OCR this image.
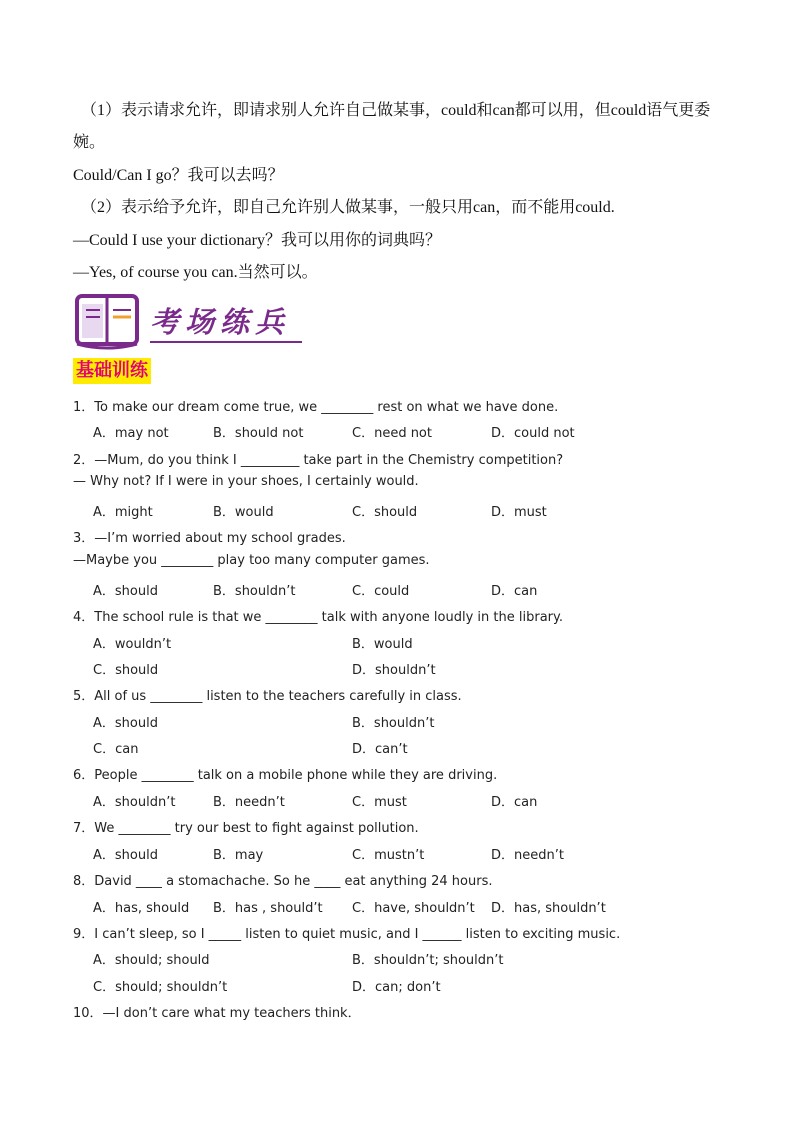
（1）表示请求允许，即请求别人允许自己做某事，could和can都可以用，但could语气更委
婉。
Could/Can I go？我可以去吗？
（2）表示给予允许，即自己允许别人做某事，一般只用can，而不能用could.
—Could I use your dictionary？我可以用你的词典吗？
—Yes, of course you can.当然可以。
考场练兵
基础训练
1．To make our dream come true, we ________ rest on what we have done.
A．may not	B．should not	C．need not	D．could not
2．—Mum, do you think I _________ take part in the Chemistry competition?
— Why not? If I were in your shoes, I certainly would.
A．might	B．would	C．should	D．must
3．—I’m worried about my school grades.
—Maybe you ________ play too many computer games.
A．should	B．shouldn’t	C．could	D．can
4．The school rule is that we ________ talk with anyone loudly in the library.
A．wouldn’t	B．would
C．should	D．shouldn’t
5．All of us ________ listen to the teachers carefully in class.
A．should	B．shouldn’t
C．can	D．can’t
6．People ________ talk on a mobile phone while they are driving.
A．shouldn’t	B．needn’t	C．must	D．can
7．We ________ try our best to fight against pollution.
A．should	B．may	C．mustn’t	D．needn’t
8．David ____ a stomachache. So he ____ eat anything 24 hours.
A．has, should B．has , should’t C．have, shouldn’t D．has, shouldn’t
9．I can’t sleep, so I _____ listen to quiet music, and I ______ listen to exciting music.
A．should; should	B．shouldn’t; shouldn’t
C．should; shouldn’t	D．can; don’t
10．—I don’t care what my teachers think．
